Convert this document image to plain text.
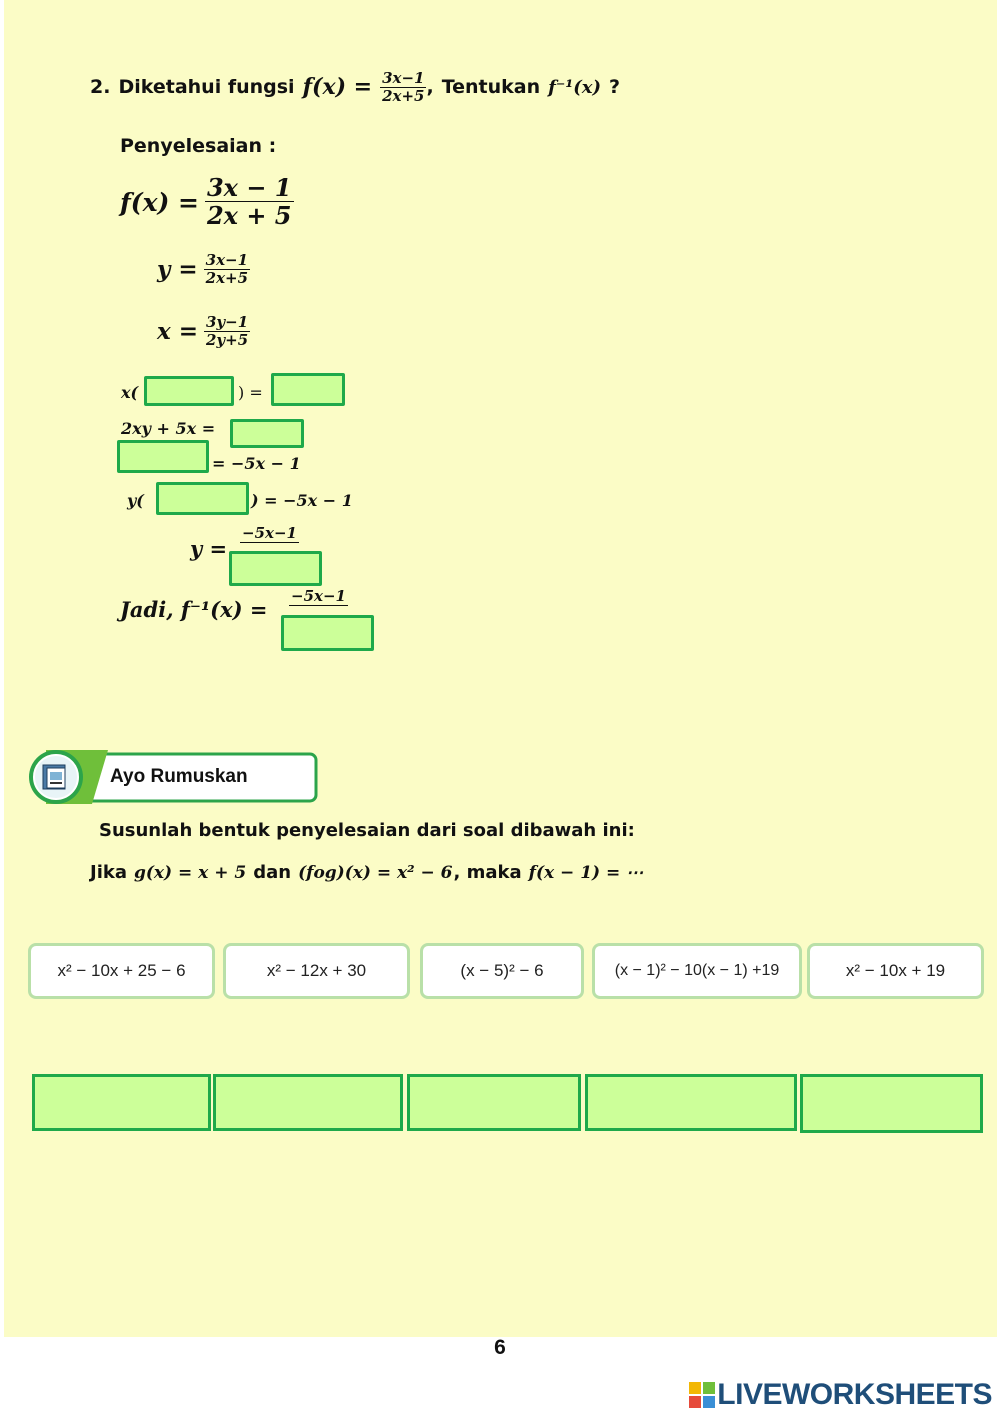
2. Diketahui fungsi $f(x) = \frac{3x-1}{2x+5}$ , Tentukan f⁻¹(x) ?
Penyelesaian :
$f(x) = \frac{3x - 1}{2x + 5}$
$y = \frac{3x-1}{2x+5}$
$x = \frac{3y-1}{2y+5}$
x(	) =
2xy + 5x =
= −5x − 1
y(	) = −5x − 1
y =
−5x−1
Jadi, f⁻¹(x) =
−5x−1
Ayo Rumuskan
Susunlah bentuk penyelesaian dari soal dibawah ini:
Jika g(x) = x + 5 dan (fog)(x) = x² − 6 , maka f(x − 1) = ⋯
x² − 10x + 25 − 6	x² − 12x + 30	(x − 5)² − 6	(x − 1)² − 10(x − 1) +19	x² − 10x + 19
6
LIVEWORKSHEETS
